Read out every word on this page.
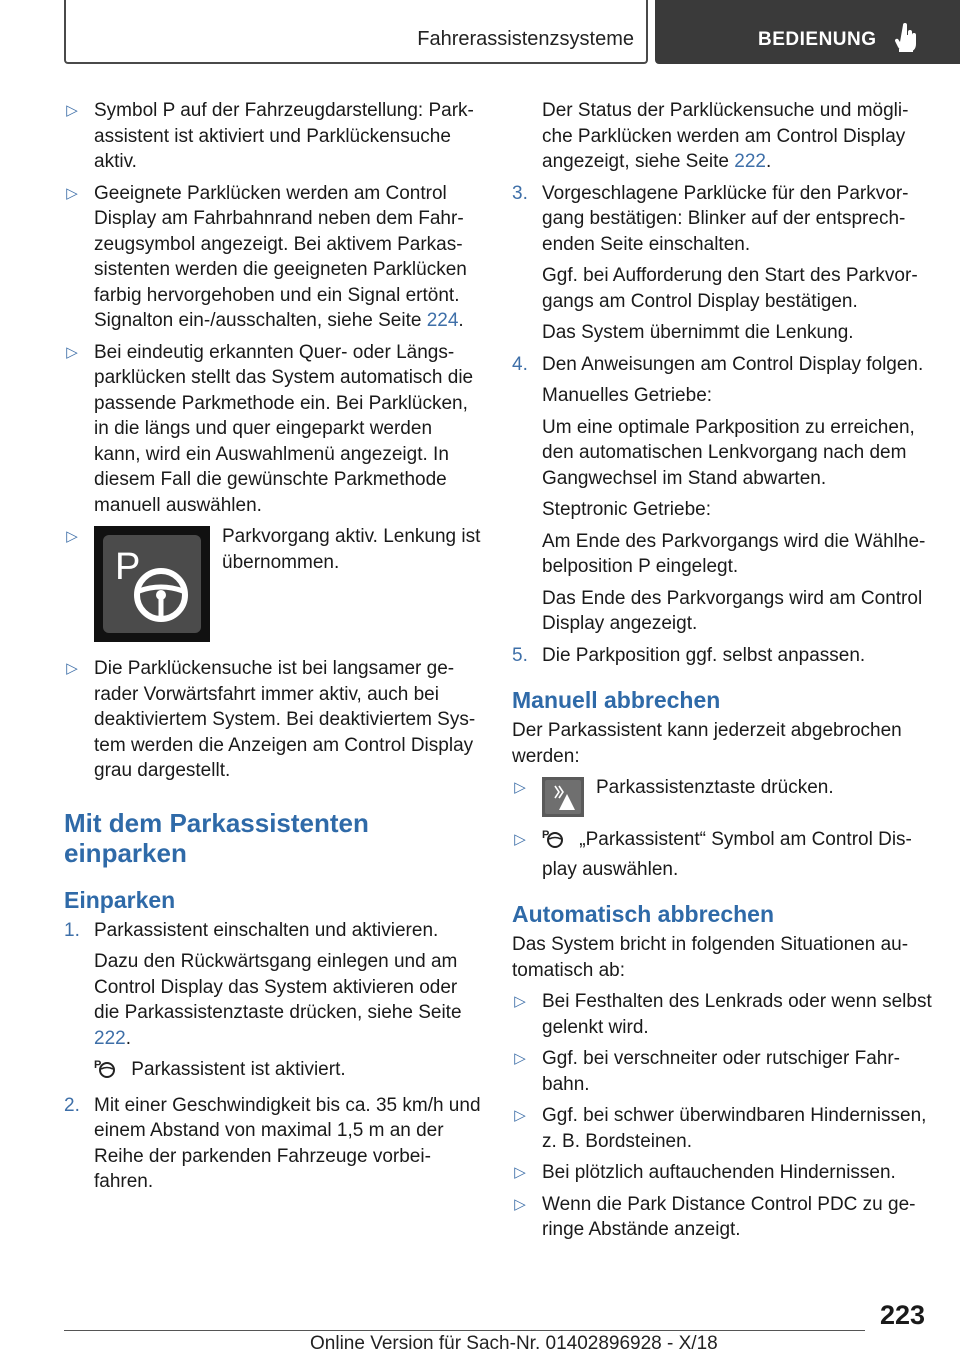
Fahrerassistenzsysteme	BEDIENUNG
▷ Symbol P auf der Fahrzeugdarstellung: Parkassistent ist aktiviert und Parklückensuche aktiv.
▷ Geeignete Parklücken werden am Control Display am Fahrbahnrand neben dem Fahrzeugsymbol angezeigt. Bei aktivem Parkassistenten werden die geeigneten Parklücken farbig hervorgehoben und ein Signal ertönt. Signalton ein-/ausschalten, siehe Seite 224.
▷ Bei eindeutig erkannten Quer- oder Längsparklücken stellt das System automatisch die passende Parkmethode ein. Bei Parklücken, in die längs und quer eingeparkt werden kann, wird ein Auswahlmenü angezeigt. In diesem Fall die gewünschte Parkmethode manuell auswählen.
▷
P
Parkvorgang aktiv. Lenkung ist übernommen.
▷ Die Parklückensuche ist bei langsamer gerader Vorwärtsfahrt immer aktiv, auch bei deaktiviertem System. Bei deaktiviertem System werden die Anzeigen am Control Display grau dargestellt.
Mit dem Parkassistenten einparken
Einparken
1. Parkassistent einschalten und aktivieren.
Dazu den Rückwärtsgang einlegen und am Control Display das System aktivieren oder die Parkassistenztaste drücken, siehe Seite 222.
P Parkassistent ist aktiviert.
2. Mit einer Geschwindigkeit bis ca. 35 km/h und einem Abstand von maximal 1,5 m an der Reihe der parkenden Fahrzeuge vorbeifahren.
Der Status der Parklückensuche und mögliche Parklücken werden am Control Display angezeigt, siehe Seite 222.
3. Vorgeschlagene Parklücke für den Parkvorgang bestätigen: Blinker auf der entsprechenden Seite einschalten.
Ggf. bei Aufforderung den Start des Parkvorgangs am Control Display bestätigen.
Das System übernimmt die Lenkung.
4. Den Anweisungen am Control Display folgen.
Manuelles Getriebe:
Um eine optimale Parkposition zu erreichen, den automatischen Lenkvorgang nach dem Gangwechsel im Stand abwarten.
Steptronic Getriebe:
Am Ende des Parkvorgangs wird die Wählhebelposition P eingelegt.
Das Ende des Parkvorgangs wird am Control Display angezeigt.
5. Die Parkposition ggf. selbst anpassen.
Manuell abbrechen
Der Parkassistent kann jederzeit abgebrochen werden:
▷	Parkassistenztaste drücken.
▷ P „Parkassistent“ Symbol am Control Display auswählen.
Automatisch abbrechen
Das System bricht in folgenden Situationen automatisch ab:
▷ Bei Festhalten des Lenkrads oder wenn selbst gelenkt wird.
▷ Ggf. bei verschneiter oder rutschiger Fahrbahn.
▷ Ggf. bei schwer überwindbaren Hindernissen, z. B. Bordsteinen.
▷ Bei plötzlich auftauchenden Hindernissen.
▷ Wenn die Park Distance Control PDC zu geringe Abstände anzeigt.
223
Online Version für Sach-Nr. 01402896928 - X/18
